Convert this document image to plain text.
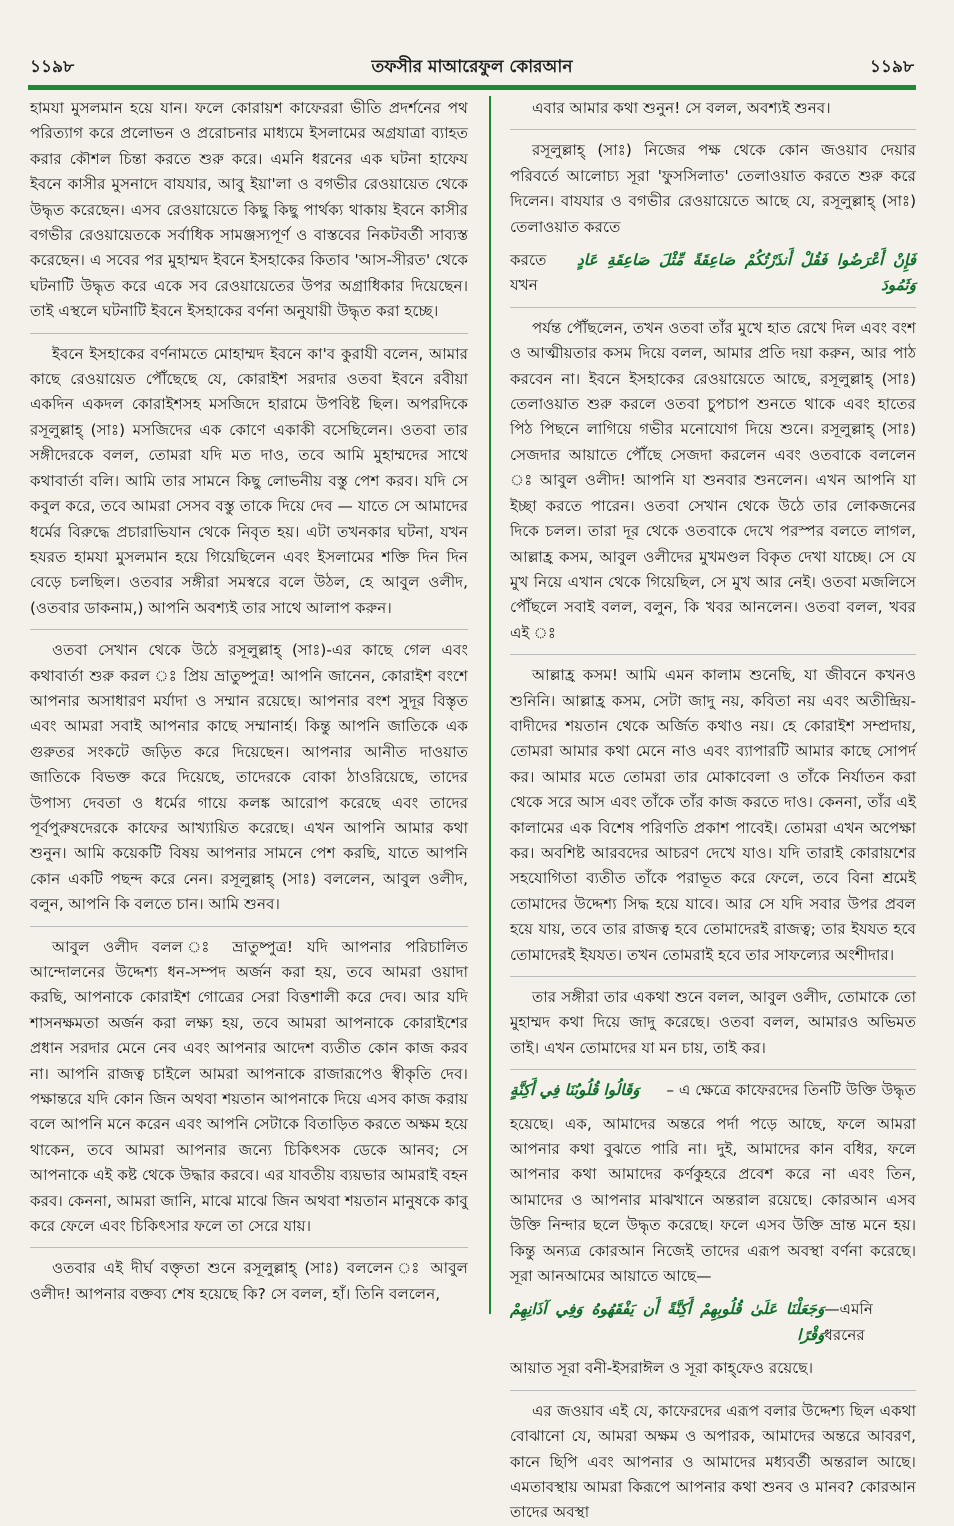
১১৯৮	তফসীর মাআরেফুল কোরআন	১১৯৮

হামযা মুসলমান হয়ে যান। ফলে কোরায়শ কাফেররা ভীতি প্রদর্শনের পথ পরিত্যাগ করে প্রলোভন ও প্ররোচনার মাধ্যমে ইসলামের অগ্রযাত্রা ব্যাহত করার কৌশল চিন্তা করতে শুরু করে। এমনি ধরনের এক ঘটনা হাফেয ইবনে কাসীর মুসনাদে বাযযার, আবু ইয়া'লা ও বগভীর রেওয়ায়েত থেকে উদ্ধৃত করেছেন। এসব রেওয়ায়েতে কিছু কিছু পার্থক্য থাকায় ইবনে কাসীর বগভীর রেওয়ায়েতকে সর্বাধিক সামঞ্জস্যপূর্ণ ও বাস্তবের নিকটবর্তী সাব্যস্ত করেছেন। এ সবের পর মুহাম্মদ ইবনে ইসহাকের কিতাব 'আস-সীরত' থেকে ঘটনাটি উদ্ধৃত করে একে সব রেওয়ায়েতের উপর অগ্রাধিকার দিয়েছেন। তাই এস্থলে ঘটনাটি ইবনে ইসহাকের বর্ণনা অনুযায়ী উদ্ধৃত করা হচ্ছে।

ইবনে ইসহাকের বর্ণনামতে মোহাম্মদ ইবনে কা'ব কুরাযী বলেন, আমার কাছে রেওয়ায়েত পৌঁছেছে যে, কোরাইশ সরদার ওতবা ইবনে রবীয়া একদিন একদল কোরাইশসহ মসজিদে হারামে উপবিষ্ট ছিল। অপরদিকে রসূলুল্লাহ্ (সাঃ) মসজিদের এক কোণে একাকী বসেছিলেন। ওতবা তার সঙ্গীদেরকে বলল, তোমরা যদি মত দাও, তবে আমি মুহাম্মদের সাথে কথাবার্তা বলি। আমি তার সামনে কিছু লোভনীয় বস্তু পেশ করব। যদি সে কবুল করে, তবে আমরা সেসব বস্তু তাকে দিয়ে দেব — যাতে সে আমাদের ধর্মের বিরুদ্ধে প্রচারাভিযান থেকে নিবৃত হয়। এটা তখনকার ঘটনা, যখন হযরত হামযা মুসলমান হয়ে গিয়েছিলেন এবং ইসলামের শক্তি দিন দিন বেড়ে চলছিল। ওতবার সঙ্গীরা সমস্বরে বলে উঠল, হে আবুল ওলীদ, (ওতবার ডাকনাম,) আপনি অবশ্যই তার সাথে আলাপ করুন।

ওতবা সেখান থেকে উঠে রসূলুল্লাহ্ (সাঃ)-এর কাছে গেল এবং কথাবার্তা শুরু করল ঃ প্রিয় ভ্রাতুষ্পুত্র! আপনি জানেন, কোরাইশ বংশে আপনার অসাধারণ মর্যাদা ও সম্মান রয়েছে। আপনার বংশ সুদূর বিস্তৃত এবং আমরা সবাই আপনার কাছে সম্মানার্হ। কিন্তু আপনি জাতিকে এক গুরুতর সংকটে জড়িত করে দিয়েছেন। আপনার আনীত দাওয়াত জাতিকে বিভক্ত করে দিয়েছে, তাদেরকে বোকা ঠাওরিয়েছে, তাদের উপাস্য দেবতা ও ধর্মের গায়ে কলঙ্ক আরোপ করেছে এবং তাদের পূর্বপুরুষদেরকে কাফের আখ্যায়িত করেছে। এখন আপনি আমার কথা শুনুন। আমি কয়েকটি বিষয় আপনার সামনে পেশ করছি, যাতে আপনি কোন একটি পছন্দ করে নেন। রসূলুল্লাহ্ (সাঃ) বললেন, আবুল ওলীদ, বলুন, আপনি কি বলতে চান। আমি শুনব।

আবুল ওলীদ বলল ঃ ভ্রাতুষ্পুত্র! যদি আপনার পরিচালিত আন্দোলনের উদ্দেশ্য ধন-সম্পদ অর্জন করা হয়, তবে আমরা ওয়াদা করছি, আপনাকে কোরাইশ গোত্রের সেরা বিত্তশালী করে দেব। আর যদি শাসনক্ষমতা অর্জন করা লক্ষ্য হয়, তবে আমরা আপনাকে কোরাইশের প্রধান সরদার মেনে নেব এবং আপনার আদেশ ব্যতীত কোন কাজ করব না। আপনি রাজত্ব চাইলে আমরা আপনাকে রাজারূপেও স্বীকৃতি দেব। পক্ষান্তরে যদি কোন জিন অথবা শয়তান আপনাকে দিয়ে এসব কাজ করায় বলে আপনি মনে করেন এবং আপনি সেটাকে বিতাড়িত করতে অক্ষম হয়ে থাকেন, তবে আমরা আপনার জন্যে চিকিৎসক ডেকে আনব; সে আপনাকে এই কষ্ট থেকে উদ্ধার করবে। এর যাবতীয় ব্যয়ভার আমরাই বহন করব। কেননা, আমরা জানি, মাঝে মাঝে জিন অথবা শয়তান মানুষকে কাবু করে ফেলে এবং চিকিৎসার ফলে তা সেরে যায়।

ওতবার এই দীর্ঘ বক্তৃতা শুনে রসূলুল্লাহ্ (সাঃ) বললেন ঃ আবুল ওলীদ! আপনার বক্তব্য শেষ হয়েছে কি? সে বলল, হাঁ। তিনি বললেন,

এবার আমার কথা শুনুন! সে বলল, অবশ্যই শুনব।

রসূলুল্লাহ্ (সাঃ) নিজের পক্ষ থেকে কোন জওয়াব দেয়ার পরিবর্তে আলোচ্য সূরা 'ফুসসিলাত' তেলাওয়াত করতে শুরু করে দিলেন। বাযযার ও বগভীর রেওয়ায়েতে আছে যে, রসূলুল্লাহ্ (সাঃ) তেলাওয়াত করতে

করতে যখন
فَإِنْ أَعْرَضُوا فَقُلْ أَنذَرْتُكُمْ صَاعِقَةً مِّثْلَ صَاعِقَةِ عَادٍ وَثَمُودَ

পর্যন্ত পৌঁছলেন, তখন ওতবা তাঁর মুখে হাত রেখে দিল এবং বংশ ও আত্মীয়তার কসম দিয়ে বলল, আমার প্রতি দয়া করুন, আর পাঠ করবেন না। ইবনে ইসহাকের রেওয়ায়েতে আছে, রসূলুল্লাহ্ (সাঃ) তেলাওয়াত শুরু করলে ওতবা চুপচাপ শুনতে থাকে এবং হাতের পিঠ পিছনে লাগিয়ে গভীর মনোযোগ দিয়ে শুনে। রসূলুল্লাহ্ (সাঃ) সেজদার আয়াতে পৌঁছে সেজদা করলেন এবং ওতবাকে বললেন ঃ আবুল ওলীদ! আপনি যা শুনবার শুনলেন। এখন আপনি যা ইচ্ছা করতে পারেন। ওতবা সেখান থেকে উঠে তার লোকজনের দিকে চলল। তারা দূর থেকে ওতবাকে দেখে পরস্পর বলতে লাগল, আল্লাহ্র কসম, আবুল ওলীদের মুখমণ্ডল বিকৃত দেখা যাচ্ছে। সে যে মুখ নিয়ে এখান থেকে গিয়েছিল, সে মুখ আর নেই। ওতবা মজলিসে পৌঁছলে সবাই বলল, বলুন, কি খবর আনলেন। ওতবা বলল, খবর এই ঃ

আল্লাহ্র কসম! আমি এমন কালাম শুনেছি, যা জীবনে কখনও শুনিনি। আল্লাহ্র কসম, সেটা জাদু নয়, কবিতা নয় এবং অতীন্দ্রিয়-বাদীদের শয়তান থেকে অর্জিত কথাও নয়। হে কোরাইশ সম্প্রদায়, তোমরা আমার কথা মেনে নাও এবং ব্যাপারটি আমার কাছে সোপর্দ কর। আমার মতে তোমরা তার মোকাবেলা ও তাঁকে নির্যাতন করা থেকে সরে আস এবং তাঁকে তাঁর কাজ করতে দাও। কেননা, তাঁর এই কালামের এক বিশেষ পরিণতি প্রকাশ পাবেই। তোমরা এখন অপেক্ষা কর। অবশিষ্ট আরবদের আচরণ দেখে যাও। যদি তারাই কোরায়শের সহযোগিতা ব্যতীত তাঁকে পরাভূত করে ফেলে, তবে বিনা শ্রমেই তোমাদের উদ্দেশ্য সিদ্ধ হয়ে যাবে। আর সে যদি সবার উপর প্রবল হয়ে যায়, তবে তার রাজত্ব হবে তোমাদেরই রাজত্ব; তার ইযযত হবে তোমাদেরই ইযযত। তখন তোমরাই হবে তার সাফল্যের অংশীদার।

তার সঙ্গীরা তার একথা শুনে বলল, আবুল ওলীদ, তোমাকে তো মুহাম্মদ কথা দিয়ে জাদু করেছে। ওতবা বলল, আমারও অভিমত তাই। এখন তোমাদের যা মন চায়, তাই কর।

وَقَالُوا قُلُوبُنَا فِي أَكِنَّةٍ – এ ক্ষেত্রে কাফেরদের তিনটি উক্তি উদ্ধৃত

হয়েছে। এক, আমাদের অন্তরে পর্দা পড়ে আছে, ফলে আমরা আপনার কথা বুঝতে পারি না। দুই, আমাদের কান বধির, ফলে আপনার কথা আমাদের কর্ণকুহরে প্রবেশ করে না এবং তিন, আমাদের ও আপনার মাঝখানে অন্তরাল রয়েছে। কোরআন এসব উক্তি নিন্দার ছলে উদ্ধৃত করেছে। ফলে এসব উক্তি ভ্রান্ত মনে হয়। কিন্তু অন্যত্র কোরআন নিজেই তাদের এরূপ অবস্থা বর্ণনা করেছে। সূরা আনআমের আয়াতে আছে—

وَجَعَلْنَا عَلَىٰ قُلُوبِهِمْ أَكِنَّةً أَن يَفْقَهُوهُ وَفِي آذَانِهِمْ وَقْرًا
—এমনি ধরনের

আয়াত সূরা বনী-ইসরাঈল ও সূরা কাহ্‌ফেও রয়েছে।

এর জওয়াব এই যে, কাফেরদের এরূপ বলার উদ্দেশ্য ছিল একথা বোঝানো যে, আমরা অক্ষম ও অপারক, আমাদের অন্তরে আবরণ, কানে ছিপি এবং আপনার ও আমাদের মধ্যবর্তী অন্তরাল আছে। এমতাবস্থায় আমরা কিরূপে আপনার কথা শুনব ও মানব? কোরআন তাদের অবস্থা
